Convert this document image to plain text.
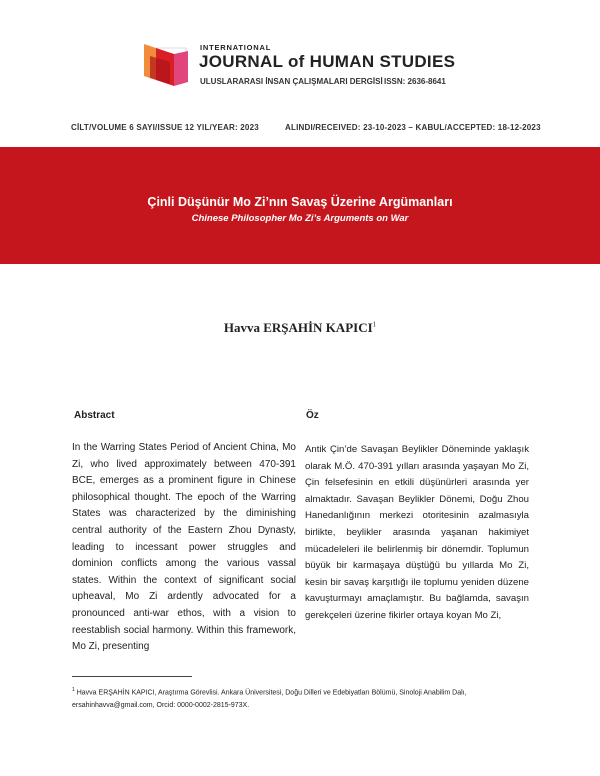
INTERNATIONAL
JOURNAL of HUMAN STUDIES
ULUSLARARASI İNSAN ÇALIŞMALARI DERGİSİ ISSN: 2636-8641
CİLT/VOLUME 6 SAYI/ISSUE 12 YIL/YEAR: 2023	ALINDI/RECEIVED: 23-10-2023 – KABUL/ACCEPTED: 18-12-2023
Çinli Düşünür Mo Zi’nın Savaş Üzerine Argümanları
Chinese Philosopher Mo Zi’s Arguments on War
Havva ERŞAHİN KAPICI$^1$
Abstract	Öz

In the Warring States Period of Ancient China, Mo Zi, who lived approximately between 470-391 BCE, emerges as a prominent figure in Chinese philosophical thought. The epoch of the Warring States was characterized by the diminishing central authority of the Eastern Zhou Dynasty, leading to incessant power struggles and dominion conflicts among the various vassal states. Within the context of significant social upheaval, Mo Zi ardently advocated for a pronounced anti-war ethos, with a vision to reestablish social harmony. Within this framework, Mo Zi, presenting

Antik Çin’de Savaşan Beylikler Döneminde yaklaşık olarak M.Ö. 470-391 yılları arasında yaşayan Mo Zi, Çin felsefesinin en etkili düşünürleri arasında yer almaktadır. Savaşan Beylikler Dönemi, Doğu Zhou Hanedanlığının merkezi otoritesinin azalmasıyla birlikte, beylikler arasında yaşanan hakimiyet mücadeleleri ile belirlenmiş bir dönemdir. Toplumun büyük bir karmaşaya düştüğü bu yıllarda Mo Zi, kesin bir savaş karşıtlığı ile toplumu yeniden düzene kavuşturmayı amaçlamıştır. Bu bağlamda, savaşın gerekçeleri üzerine fikirler ortaya koyan Mo Zi,

$^1$ Havva ERŞAHİN KAPICI, Araştırma Görevlisi. Ankara Üniversitesi, Doğu Dilleri ve Edebiyatları Bölümü, Sinoloji Anabilim Dalı, ersahinhavva@gmail.com, Orcid: 0000-0002-2815-973X.
